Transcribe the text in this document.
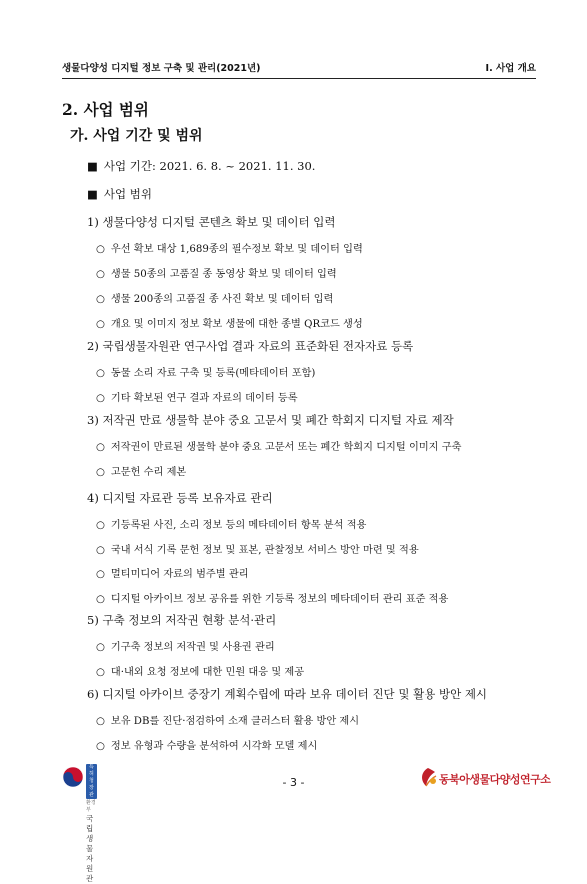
생물다양성 디지털 정보 구축 및 관리(2021년)	I. 사업 개요
2. 사업 범위
가. 사업 기간 및 범위
■ 사업 기간: 2021. 6. 8. ~ 2021. 11. 30.
■ 사업 범위
1) 생물다양성 디지털 콘텐츠 확보 및 데이터 입력
○ 우선 확보 대상 1,689종의 필수정보 확보 및 데이터 입력
○ 생물 50종의 고품질 종 동영상 확보 및 데이터 입력
○ 생물 200종의 고품질 종 사진 확보 및 데이터 입력
○ 개요 및 이미지 정보 확보 생물에 대한 종별 QR코드 생성
2) 국립생물자원관 연구사업 결과 자료의 표준화된 전자자료 등록
○ 동물 소리 자료 구축 및 등록(메타데이터 포함)
○ 기타 확보된 연구 결과 자료의 데이터 등록
3) 저작권 만료 생물학 분야 중요 고문서 및 폐간 학회지 디지털 자료 제작
○ 저작권이 만료된 생물학 분야 중요 고문서 또는 폐간 학회지 디지털 이미지 구축
○ 고문헌 수리 제본
4) 디지털 자료관 등록 보유자료 관리
○ 기등록된 사진, 소리 정보 등의 메타데이터 항목 분석 적용
○ 국내 서식 기록 문헌 정보 및 표본, 관찰정보 서비스 방안 마련 및 적용
○ 멀티미디어 자료의 범주별 관리
○ 디지털 아카이브 정보 공유를 위한 기등록 정보의 메타데이터 관리 표준 적용
5) 구축 정보의 저작권 현황 분석·관리
○ 기구축 정보의 저작권 및 사용권 관리
○ 대·내외 요청 정보에 대한 민원 대응 및 제공
6) 디지털 아카이브 중장기 계획수립에 따라 보유 데이터 진단 및 활용 방안 제시
○ 보유 DB를 진단·점검하여 소재 클러스터 활용 방안 제시
○ 정보 유형과 수량을 분석하여 시각화 모델 제시
특허청장관
환경부
국립생물자원관
- 3 -	동북아생물다양성연구소
